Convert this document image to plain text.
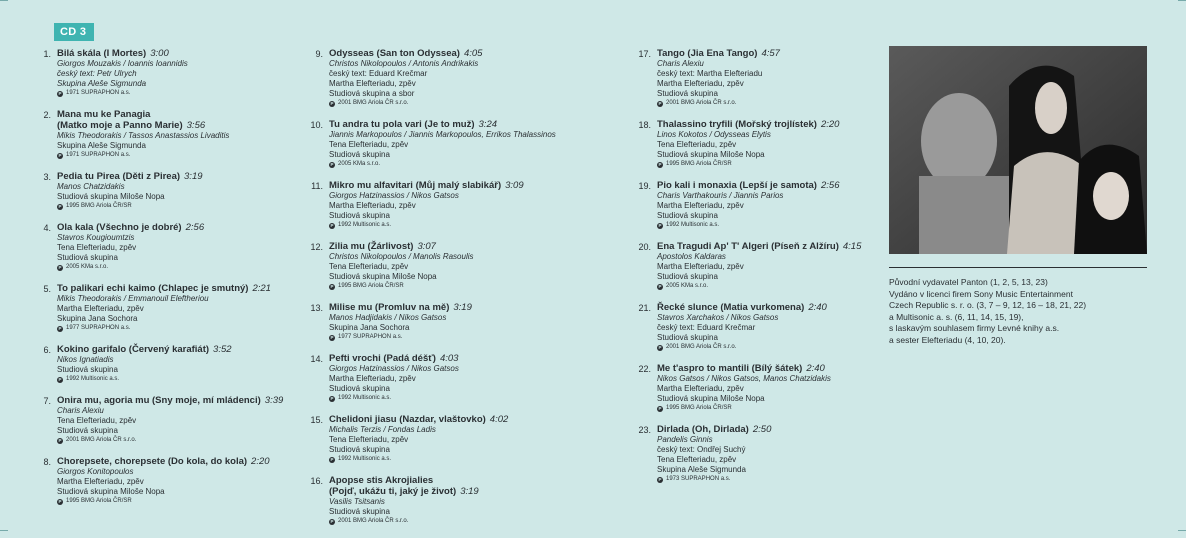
CD 3
1. Bilá skála (I Mortes) 3:00
Giorgos Mouzakis / Ioannis Ioannidis
český text: Petr Ulrych
Skupina Aleše Sigmunda
P 1971 SUPRAPHON a.s.
2. Mana mu ke Panagia
(Matko moje a Panno Marie) 3:56
Mikis Theodorakis / Tassos Anastassios Livaditis
Skupina Aleše Sigmunda
P 1971 SUPRAPHON a.s.
3. Pedia tu Pirea (Děti z Pirea) 3:19
Manos Chatzidakis
Studiová skupina Miloše Nopa
P 1995 BMG Ariola ČR/SR
4. Ola kala (Všechno je dobré) 2:56
Stavros Kougioumtzis
Tena Elefteriadu, zpěv
Studiová skupina
P 2005 KMa s.r.o.
5. To palikari echi kaimo (Chlapec je smutný) 2:21
Mikis Theodorakis / Emmanouil Eleftheriou
Martha Elefteriadu, zpěv
Skupina Jana Sochora
P 1977 SUPRAPHON a.s.
6. Kokino garifalo (Červený karafiát) 3:52
Nikos Ignatiadis
Studiová skupina
P 1992 Multisonic a.s.
7. Onira mu, agoria mu (Sny moje, mí mládenci) 3:39
Charis Alexiu
Tena Elefteriadu, zpěv
Studiová skupina
P 2001 BMG Ariola ČR s.r.o.
8. Chorepsete, chorepsete (Do kola, do kola) 2:20
Giorgos Konitopoulos
Martha Elefteriadu, zpěv
Studiová skupina Miloše Nopa
P 1995 BMG Ariola ČR/SR
9. Odysseas (San ton Odyssea) 4:05
Christos Nikolopoulos / Antonis Andrikakis
český text: Eduard Krečmar
Martha Elefteriadu, zpěv
Studiová skupina a sbor
P 2001 BMG Ariola ČR s.r.o.
10. Tu andra tu pola vari (Je to muž) 3:24
Jiannis Markopoulos / Jiannis Markopoulos, Errikos Thalassinos
Tena Elefteriadu, zpěv
Studiová skupina
P 2005 KMa s.r.o.
11. Mikro mu alfavitari (Můj malý slabikář) 3:09
Giorgos Hatzinassios / Nikos Gatsos
Martha Elefteriadu, zpěv
Studiová skupina
P 1992 Multisonic a.s.
12. Zilia mu (Žárlivost) 3:07
Christos Nikolopoulos / Manolis Rasoulis
Tena Elefteriadu, zpěv
Studiová skupina Miloše Nopa
P 1995 BMG Ariola ČR/SR
13. Milise mu (Promluv na mě) 3:19
Manos Hadjidakis / Nikos Gatsos
Skupina Jana Sochora
P 1977 SUPRAPHON a.s.
14. Pefti vrochi (Padá déšť) 4:03
Giorgos Hatzinassios / Nikos Gatsos
Martha Elefteriadu, zpěv
Studiová skupina
P 1992 Multisonic a.s.
15. Chelidoni jiasu (Nazdar, vlaštovko) 4:02
Michalis Terzis / Fondas Ladis
Tena Elefteriadu, zpěv
Studiová skupina
P 1992 Multisonic a.s.
16. Apopse stis Akrojialies
(Pojď, ukážu ti, jaký je život) 3:19
Vasilis Tsitsanis
Studiová skupina
P 2001 BMG Ariola ČR s.r.o.
17. Tango (Jia Ena Tango) 4:57
Charis Alexiu
český text: Martha Elefteriadu
Martha Elefteriadu, zpěv
Studiová skupina
P 2001 BMG Ariola ČR s.r.o.
18. Thalassino tryfili (Mořský trojlístek) 2:20
Linos Kokotos / Odysseas Elytis
Tena Elefteriadu, zpěv
Studiová skupina Miloše Nopa
P 1995 BMG Ariola ČR/SR
19. Pio kali i monaxia (Lepší je samota) 2:56
Charis Varthakouris / Jiannis Parios
Martha Elefteriadu, zpěv
Studiová skupina
P 1992 Multisonic a.s.
20. Ena Tragudi Ap' T' Algeri (Píseň z Alžíru) 4:15
Apostolos Kaldaras
Martha Elefteriadu, zpěv
Studiová skupina
P 2005 KMa s.r.o.
21. Řecké slunce (Matia vurkomena) 2:40
Stavros Xarchakos / Nikos Gatsos
český text: Eduard Krečmar
Studiová skupina
P 2001 BMG Ariola ČR s.r.o.
22. Me t'aspro to mantili (Bílý šátek) 2:40
Nikos Gatsos / Nikos Gatsos, Manos Chatzidakis
Martha Elefteriadu, zpěv
Studiová skupina Miloše Nopa
P 1995 BMG Ariola ČR/SR
23. Dirlada (Oh, Dirlada) 2:50
Pandelis Ginnis
český text: Ondřej Suchý
Tena Elefteriadu, zpěv
Skupina Aleše Sigmunda
P 1973 SUPRAPHON a.s.
Původní vydavatel Panton (1, 2, 5, 13, 23)
Vydáno v licenci firem Sony Music Entertainment
Czech Republic s. r. o. (3, 7 – 9, 12, 16 – 18, 21, 22)
a Multisonic a. s. (6, 11, 14, 15, 19),
s laskavým souhlasem firmy Levné knihy a.s.
a sester Elefteriadu (4, 10, 20).
